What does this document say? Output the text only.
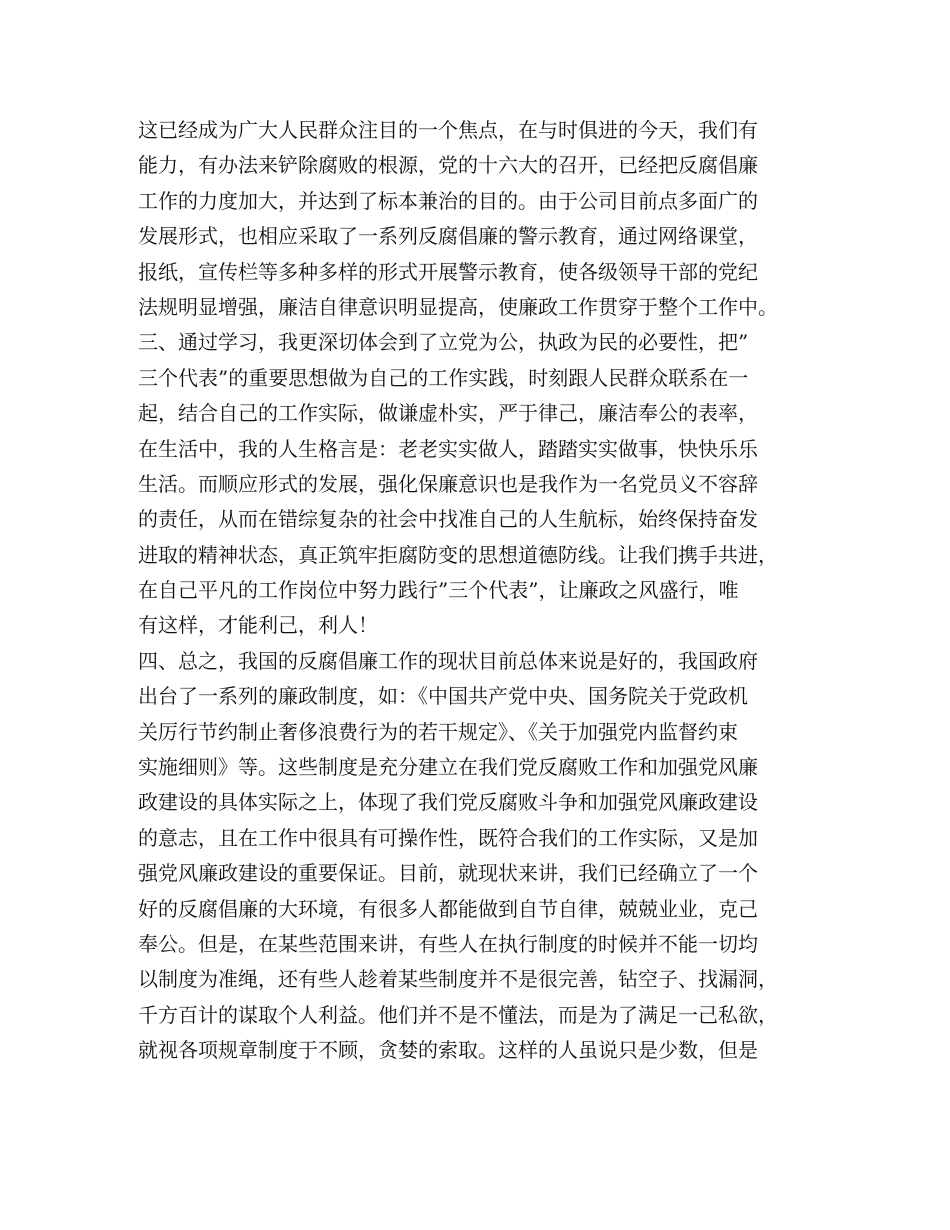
这已经成为广大人民群众注目的一个焦点，在与时俱进的今天，我们有
能力，有办法来铲除腐败的根源，党的十六大的召开，已经把反腐倡廉
工作的力度加大，并达到了标本兼治的目的。由于公司目前点多面广的
发展形式，也相应采取了一系列反腐倡廉的警示教育，通过网络课堂，
报纸，宣传栏等多种多样的形式开展警示教育，使各级领导干部的党纪
法规明显增强，廉洁自律意识明显提高，使廉政工作贯穿于整个工作中。
三、通过学习，我更深切体会到了立党为公，执政为民的必要性，把”
三个代表”的重要思想做为自己的工作实践，时刻跟人民群众联系在一
起，结合自己的工作实际，做谦虚朴实，严于律己，廉洁奉公的表率，
在生活中，我的人生格言是：老老实实做人，踏踏实实做事，快快乐乐
生活。而顺应形式的发展，强化保廉意识也是我作为一名党员义不容辞
的责任，从而在错综复杂的社会中找准自己的人生航标，始终保持奋发
进取的精神状态，真正筑牢拒腐防变的思想道德防线。让我们携手共进，
在自己平凡的工作岗位中努力践行”三个代表”，让廉政之风盛行，唯
有这样，才能利己，利人！
四、总之，我国的反腐倡廉工作的现状目前总体来说是好的，我国政府
出台了一系列的廉政制度，如：《中国共产党中央、国务院关于党政机
关厉行节约制止奢侈浪费行为的若干规定》、《关于加强党内监督约束
实施细则》等。这些制度是充分建立在我们党反腐败工作和加强党风廉
政建设的具体实际之上，体现了我们党反腐败斗争和加强党风廉政建设
的意志，且在工作中很具有可操作性，既符合我们的工作实际，又是加
强党风廉政建设的重要保证。目前，就现状来讲，我们已经确立了一个
好的反腐倡廉的大环境，有很多人都能做到自节自律，兢兢业业，克己
奉公。但是，在某些范围来讲，有些人在执行制度的时候并不能一切均
以制度为准绳，还有些人趁着某些制度并不是很完善，钻空子、找漏洞，
千方百计的谋取个人利益。他们并不是不懂法，而是为了满足一己私欲，
就视各项规章制度于不顾，贪婪的索取。这样的人虽说只是少数，但是
